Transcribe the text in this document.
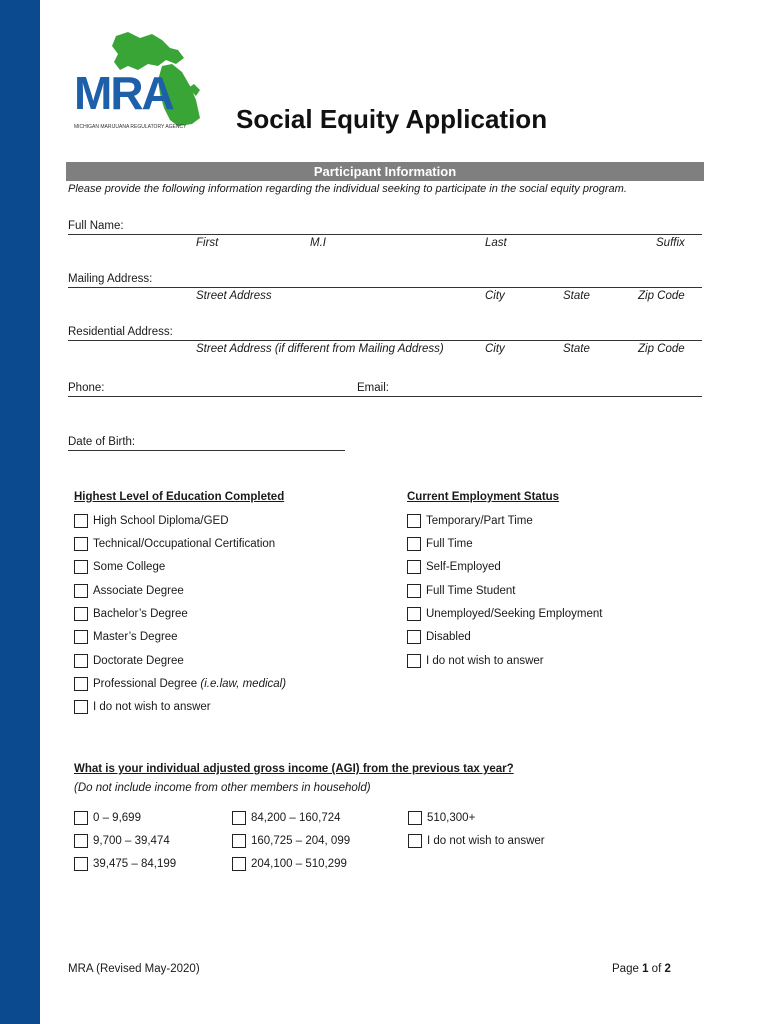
MRA
MICHIGAN MARIJUANA REGULATORY AGENCY Social Equity Application
Participant Information
Please provide the following information regarding the individual seeking to participate in the social equity program.
Full Name:
First	M.I	Last	Suffix
Mailing Address:
Street Address	City	State	Zip Code
Residential Address:
Street Address (if different from Mailing Address)	City	State	Zip Code
Phone:	Email:
Date of Birth:
Highest Level of Education Completed
High School Diploma/GED
Technical/Occupational Certification
Some College
Associate Degree
Bachelor’s Degree
Master’s Degree
Doctorate Degree
Professional Degree
(i.e.law, medical)
I do not wish to answer
Current Employment Status
Temporary/Part Time
Full Time
Self-Employed
Full Time Student
Unemployed/Seeking Employment
Disabled
I do not wish to answer
What is your individual adjusted gross income (AGI) from the previous tax year?
(Do not include income from other members in household)
0 – 9,699
9,700 – 39,474
39,475 – 84,199
84,200 – 160,724
160,725 – 204, 099
204,100 – 510,299
510,300+
I do not wish to answer
MRA (Revised May-2020)	Page 1 of 2
